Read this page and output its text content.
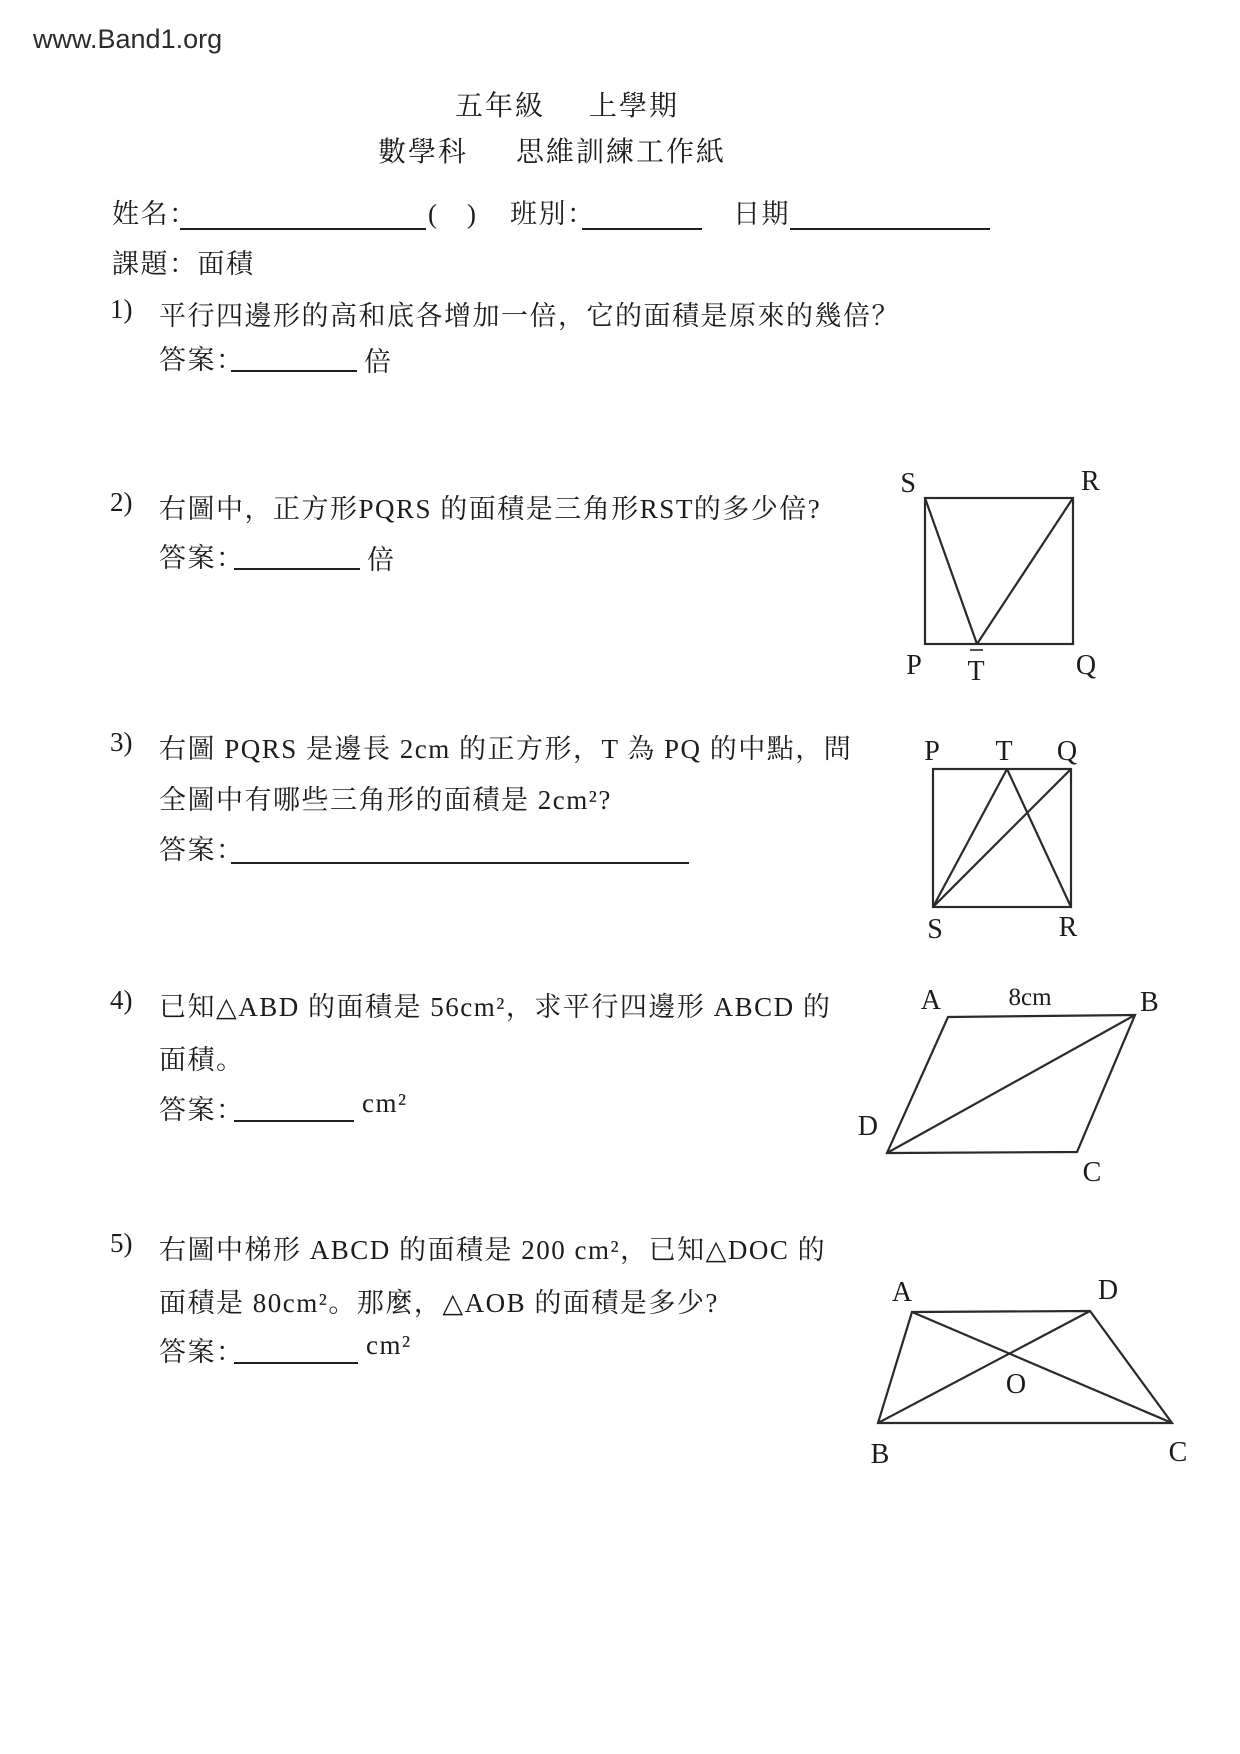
www.Band1.org
五年級 上學期
數學科 思維訓練工作紙
姓名：	(　) 班別：	日期
課題：面積
1) 平行四邊形的高和底各增加一倍，它的面積是原來的幾倍？
答案：	倍
2) 右圖中，正方形PQRS 的面積是三角形RST的多少倍?
答案：	倍
S	R
P T	Q
3) 右圖 PQRS 是邊長 2cm 的正方形，T 為 PQ 的中點，問
全圖中有哪些三角形的面積是 2cm²?
答案：
P T Q
S	R
4) 已知△ABD 的面積是 56cm²，求平行四邊形 ABCD 的
面積。
答案：	cm²
A	8cm	B
D
C
5) 右圖中梯形 ABCD 的面積是 200 cm²，已知△DOC 的
面積是 80cm²。那麼，△AOB 的面積是多少?
答案：	cm²
A	D
O
B	C
